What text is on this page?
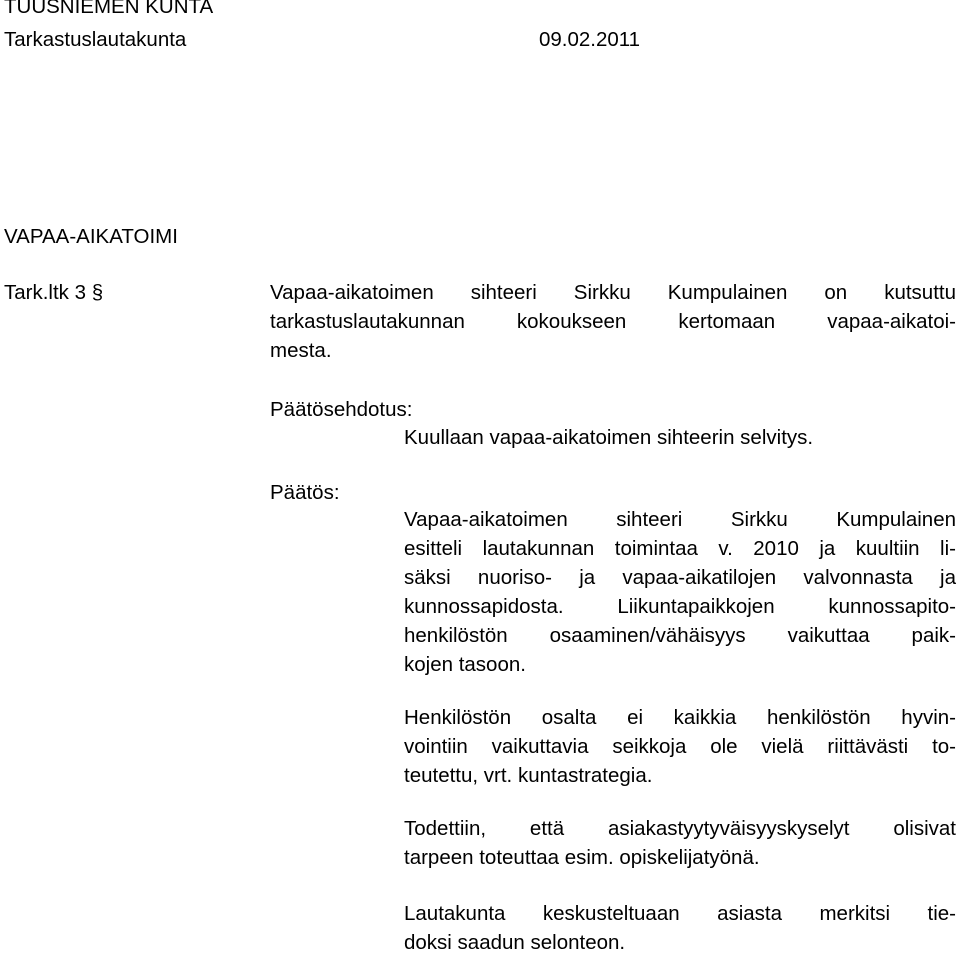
TUUSNIEMEN KUNTA
Tarkastuslautakunta	09.02.2011
VAPAA-AIKATOIMI
Tark.ltk 3 §	Vapaa-aikatoimen sihteeri Sirkku Kumpulainen on kutsuttu
tarkastuslautakunnan kokoukseen kertomaan vapaa-aikatoi-
mesta.
Päätösehdotus:
Kuullaan vapaa-aikatoimen sihteerin selvitys.
Päätös:
Vapaa-aikatoimen sihteeri Sirkku Kumpulainen
esitteli lautakunnan toimintaa v. 2010 ja kuultiin li-
säksi nuoriso- ja vapaa-aikatilojen valvonnasta ja
kunnossapidosta. Liikuntapaikkojen kunnossapito-
henkilöstön osaaminen/vähäisyys vaikuttaa paik-
kojen tasoon.
Henkilöstön osalta ei kaikkia henkilöstön hyvin-
vointiin vaikuttavia seikkoja ole vielä riittävästi to-
teutettu, vrt. kuntastrategia.
Todettiin, että asiakastyytyväisyyskyselyt olisivat
tarpeen toteuttaa esim. opiskelijatyönä.
Lautakunta keskusteltuaan asiasta merkitsi tie-
doksi saadun selonteon.
